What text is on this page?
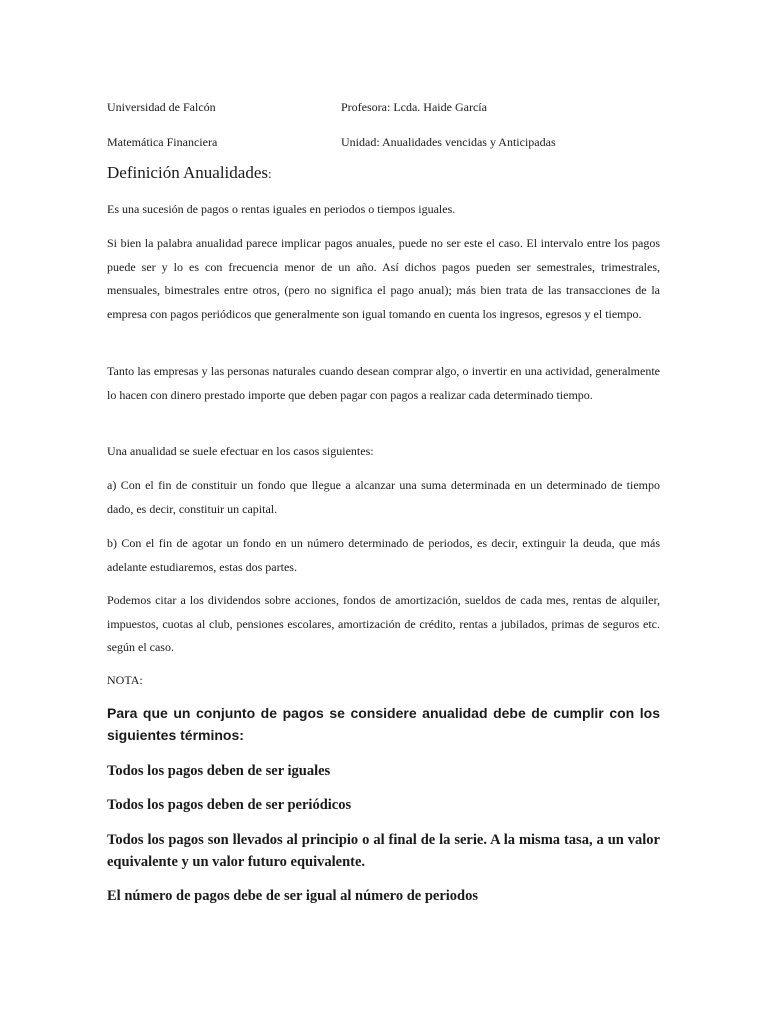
Universidad de Falcón	Profesora: Lcda. Haide García
Matemática Financiera	Unidad: Anualidades vencidas y Anticipadas
Definición Anualidades:

Es una sucesión de pagos o rentas iguales en periodos o tiempos iguales.

Si bien la palabra anualidad parece implicar pagos anuales, puede no ser este el caso. El intervalo entre los pagos puede ser y lo es con frecuencia menor de un año. Así dichos pagos pueden ser semestrales, trimestrales, mensuales, bimestrales entre otros, (pero no significa el pago anual); más bien trata de las transacciones de la empresa con pagos periódicos que generalmente son igual tomando en cuenta los ingresos, egresos y el tiempo.

Tanto las empresas y las personas naturales cuando desean comprar algo, o invertir en una actividad, generalmente lo hacen con dinero prestado importe que deben pagar con pagos a realizar cada determinado tiempo.

Una anualidad se suele efectuar en los casos siguientes:

a) Con el fin de constituir un fondo que llegue a alcanzar una suma determinada en un determinado de tiempo dado, es decir, constituir un capital.

b) Con el fin de agotar un fondo en un número determinado de periodos, es decir, extinguir la deuda, que más adelante estudiaremos, estas dos partes.

Podemos citar a los dividendos sobre acciones, fondos de amortización, sueldos de cada mes, rentas de alquiler, impuestos, cuotas al club, pensiones escolares, amortización de crédito, rentas a jubilados, primas de seguros etc. según el caso.

NOTA:

Para que un conjunto de pagos se considere anualidad debe de cumplir con los siguientes términos:

Todos los pagos deben de ser iguales

Todos los pagos deben de ser periódicos

Todos los pagos son llevados al principio o al final de la serie. A la misma tasa, a un valor equivalente y un valor futuro equivalente.

El número de pagos debe de ser igual al número de periodos
